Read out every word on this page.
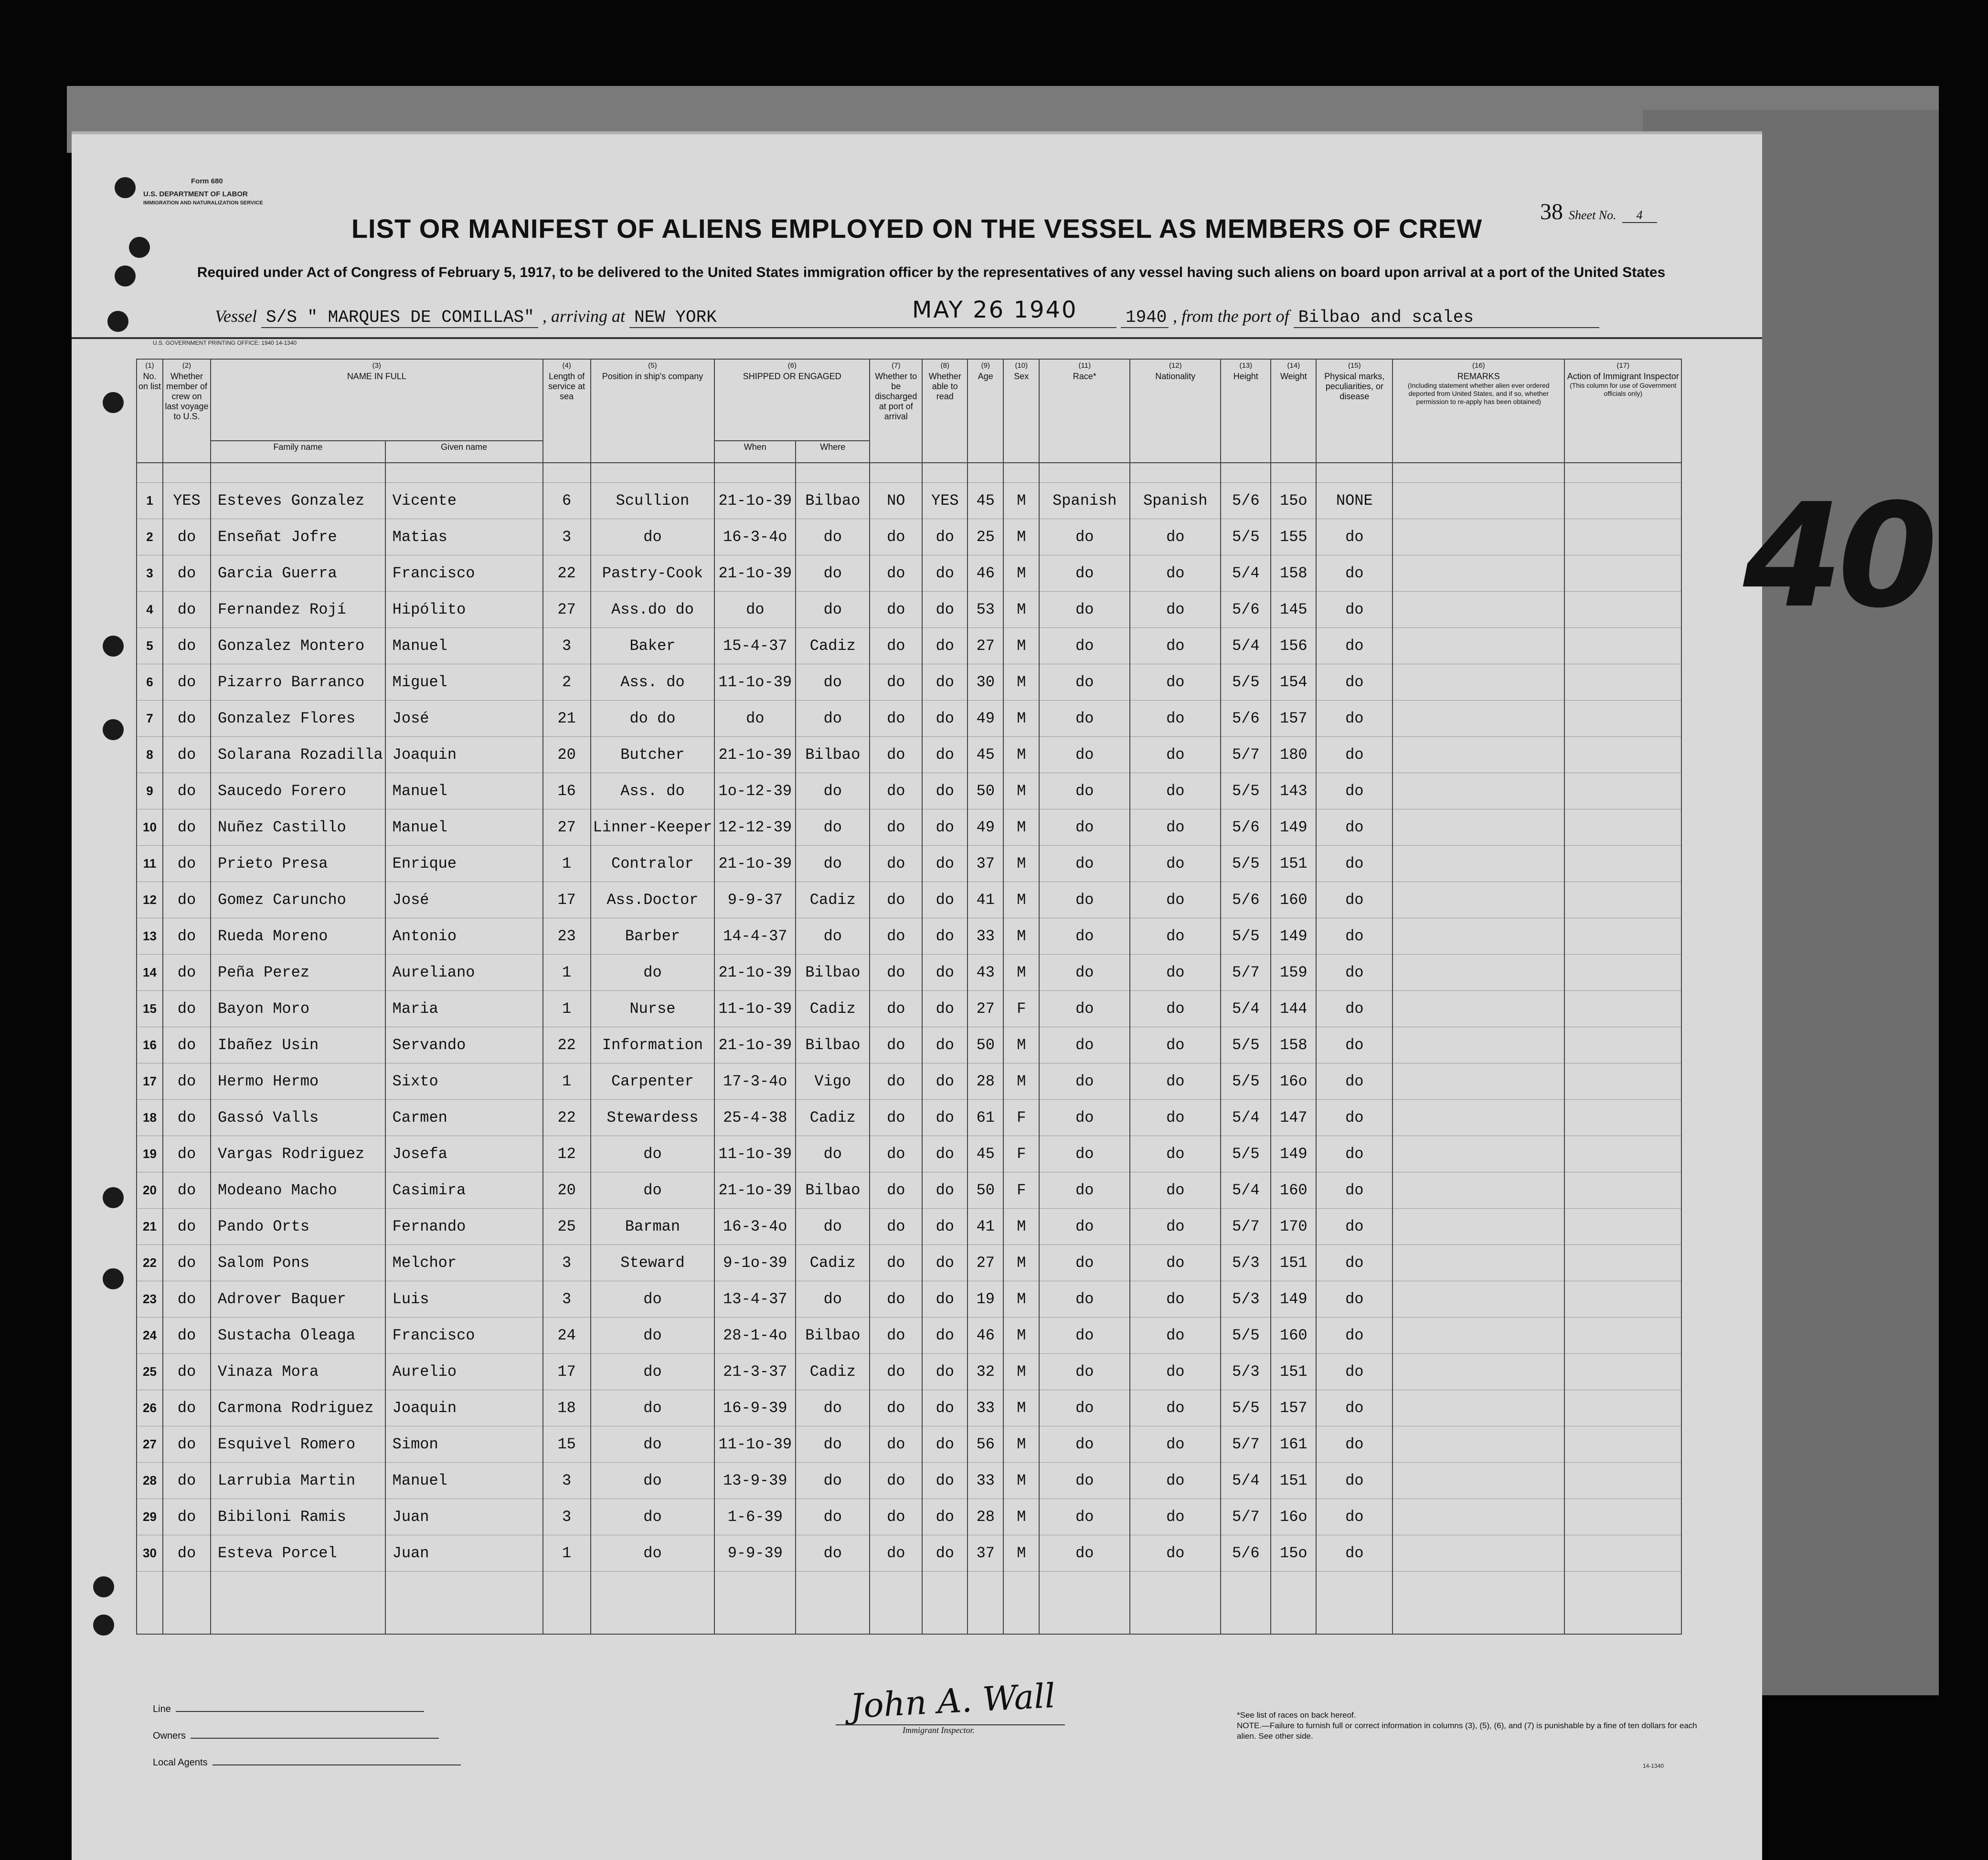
Form 680
U.S. DEPARTMENT OF LABOR
IMMIGRATION AND NATURALIZATION SERVICE
LIST OR MANIFEST OF ALIENS EMPLOYED ON THE VESSEL AS MEMBERS OF CREW
38 Sheet No. 4
Required under Act of Congress of February 5, 1917, to be delivered to the United States immigration officer by the representatives of any vessel having such aliens on board upon arrival at a port of the United States
MAY 26 1940
Vessel S/S " MARQUES DE COMILLAS" , arriving at NEW YORK	1940 , from the port of Bilbao and scales
U.S. GOVERNMENT PRINTING OFFICE: 1940 14-1340
(1)
No. on list	(2)
Whether member of crew on last voyage to U.S.	(3)
NAME IN FULL		(4)
Length of service at sea	(5)
Position in ship's company	(6)
SHIPPED OR ENGAGED		(7)
Whether to be discharged at port of arrival	(8)
Whether able to read	(9)
Age	(10)
Sex	(11)
Race*	(12)
Nationality	(13)
Height	(14)
Weight	(15)
Physical marks, peculiarities, or disease	(16)
REMARKS
(Including statement whether alien ever ordered deported from United States, and if so, whether permission to re-apply has been obtained)	(17)
Action of Immigrant Inspector
(This column for use of Government officials only)

		Family name	Given name			When	Where											

1	YES	Esteves Gonzalez	Vicente	6	Scullion	21-1o-39	Bilbao	NO	YES	45	M	Spanish	Spanish	5/6	15o	NONE		
2	do	Enseñat Jofre	Matias	3	do	16-3-4o	do	do	do	25	M	do	do	5/5	155	do		
3	do	Garcia Guerra	Francisco	22	Pastry-Cook	21-1o-39	do	do	do	46	M	do	do	5/4	158	do		
4	do	Fernandez Rojí	Hipólito	27	Ass.do do	do	do	do	do	53	M	do	do	5/6	145	do		
5	do	Gonzalez Montero	Manuel	3	Baker	15-4-37	Cadiz	do	do	27	M	do	do	5/4	156	do		
6	do	Pizarro Barranco	Miguel	2	Ass. do	11-1o-39	do	do	do	30	M	do	do	5/5	154	do		
7	do	Gonzalez Flores	José	21	do do	do	do	do	do	49	M	do	do	5/6	157	do		
8	do	Solarana Rozadilla	Joaquin	20	Butcher	21-1o-39	Bilbao	do	do	45	M	do	do	5/7	180	do		
9	do	Saucedo Forero	Manuel	16	Ass. do	1o-12-39	do	do	do	50	M	do	do	5/5	143	do		
10	do	Nuñez Castillo	Manuel	27	Linner-Keeper	12-12-39	do	do	do	49	M	do	do	5/6	149	do		
11	do	Prieto Presa	Enrique	1	Contralor	21-1o-39	do	do	do	37	M	do	do	5/5	151	do		
12	do	Gomez Caruncho	José	17	Ass.Doctor	9-9-37	Cadiz	do	do	41	M	do	do	5/6	160	do		
13	do	Rueda Moreno	Antonio	23	Barber	14-4-37	do	do	do	33	M	do	do	5/5	149	do		
14	do	Peña Perez	Aureliano	1	do	21-1o-39	Bilbao	do	do	43	M	do	do	5/7	159	do		
15	do	Bayon Moro	Maria	1	Nurse	11-1o-39	Cadiz	do	do	27	F	do	do	5/4	144	do		
16	do	Ibañez Usin	Servando	22	Information	21-1o-39	Bilbao	do	do	50	M	do	do	5/5	158	do		
17	do	Hermo Hermo	Sixto	1	Carpenter	17-3-4o	Vigo	do	do	28	M	do	do	5/5	16o	do		
18	do	Gassó Valls	Carmen	22	Stewardess	25-4-38	Cadiz	do	do	61	F	do	do	5/4	147	do		
19	do	Vargas Rodriguez	Josefa	12	do	11-1o-39	do	do	do	45	F	do	do	5/5	149	do		
20	do	Modeano Macho	Casimira	20	do	21-1o-39	Bilbao	do	do	50	F	do	do	5/4	160	do		
21	do	Pando Orts	Fernando	25	Barman	16-3-4o	do	do	do	41	M	do	do	5/7	170	do		
22	do	Salom Pons	Melchor	3	Steward	9-1o-39	Cadiz	do	do	27	M	do	do	5/3	151	do		
23	do	Adrover Baquer	Luis	3	do	13-4-37	do	do	do	19	M	do	do	5/3	149	do		
24	do	Sustacha Oleaga	Francisco	24	do	28-1-4o	Bilbao	do	do	46	M	do	do	5/5	160	do		
25	do	Vinaza Mora	Aurelio	17	do	21-3-37	Cadiz	do	do	32	M	do	do	5/3	151	do		
26	do	Carmona Rodriguez	Joaquin	18	do	16-9-39	do	do	do	33	M	do	do	5/5	157	do		
27	do	Esquivel Romero	Simon	15	do	11-1o-39	do	do	do	56	M	do	do	5/7	161	do		
28	do	Larrubia Martin	Manuel	3	do	13-9-39	do	do	do	33	M	do	do	5/4	151	do		
29	do	Bibiloni Ramis	Juan	3	do	1-6-39	do	do	do	28	M	do	do	5/7	16o	do		
30	do	Esteva Porcel	Juan	1	do	9-9-39	do	do	do	37	M	do	do	5/6	15o	do		

Line
Owners
Local Agents
John A. Wall
Immigrant Inspector.
*See list of races on back hereof.
NOTE.—Failure to furnish full or correct information in columns (3), (5), (6), and (7) is punishable by a fine of ten dollars for each alien. See other side.
14-1340
40
